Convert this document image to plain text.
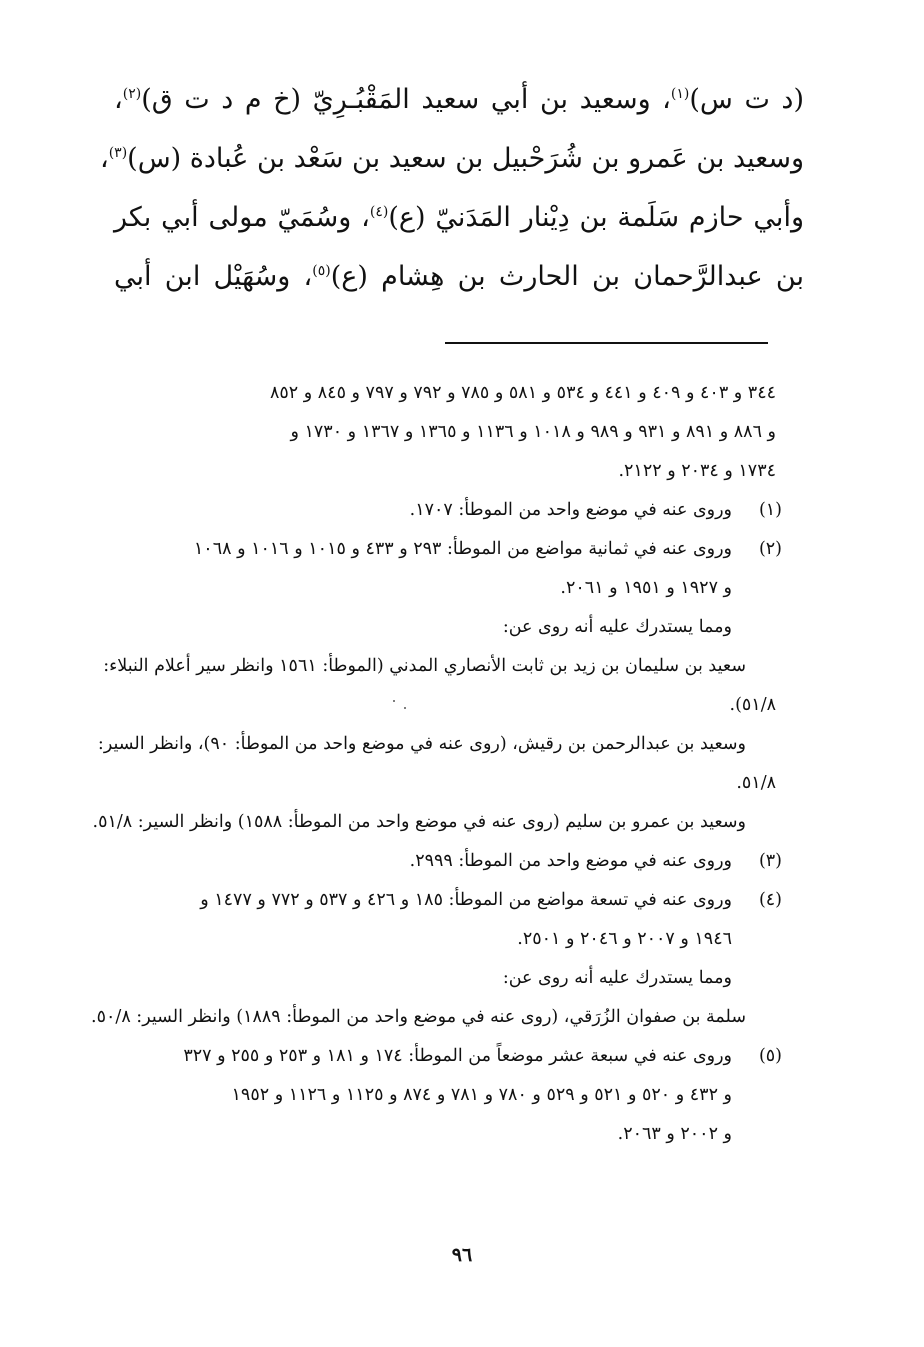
(د ت س)$^{(١)}$، وسعيد بن أبي سعيد المَقْبُـرِيّ (خ م د ت ق)$^{(٢)}$،
وسعيد بن عَمرو بن شُرَحْبيل بن سعيد بن سَعْد بن عُبادة (س)$^{(٣)}$،
وأبي حازم سَلَمة بن دِيْنار المَدَنيّ (ع)$^{(٤)}$، وسُمَيّ مولى أبي بكر
بن عبدالرَّحمان بن الحارث بن هِشام (ع)$^{(٥)}$، وسُهَيْل ابن أبي

٣٤٤ و ٤٠٣ و ٤٠٩ و ٤٤١ و ٥٣٤ و ٥٨١ و ٧٨٥ و ٧٩٢ و ٧٩٧ و ٨٤٥ و ٨٥٢

و ٨٨٦ و ٨٩١ و ٩٣١ و ٩٨٩ و ١٠١٨ و ١١٣٦ و ١٣٦٥ و ١٣٦٧ و ١٧٣٠ و

١٧٣٤ و ٢٠٣٤ و ٢١٢٢.

(١)
وروى عنه في موضع واحد من الموطأ: ١٧٠٧.
(٢)
وروى عنه في ثمانية مواضع من الموطأ: ٢٩٣ و ٤٣٣ و ١٠١٥ و ١٠١٦ و ١٠٦٨
و ١٩٢٧ و ١٩٥١ و ٢٠٦١.
ومما يستدرك عليه أنه روى عن:

سعيد بن سليمان بن زيد بن ثابت الأنصاري المدني (الموطأ: ١٥٦١ وانظر سير أعلام النبلاء: ٥١/٨).

وسعيد بن عبدالرحمن بن رقيش، (روى عنه في موضع واحد من الموطأ: ٩٠)، وانظر السير: ٥١/٨.

وسعيد بن عمرو بن سليم (روى عنه في موضع واحد من الموطأ: ١٥٨٨) وانظر السير: ٥١/٨.

(٣)
وروى عنه في موضع واحد من الموطأ: ٢٩٩٩.
(٤)
وروى عنه في تسعة مواضع من الموطأ: ١٨٥ و ٤٢٦ و ٥٣٧ و ٧٧٢ و ١٤٧٧ و
١٩٤٦ و ٢٠٠٧ و ٢٠٤٦ و ٢٥٠١.
ومما يستدرك عليه أنه روى عن:

سلمة بن صفوان الزُرَقي، (روى عنه في موضع واحد من الموطأ: ١٨٨٩) وانظر السير: ٥٠/٨.

(٥)
وروى عنه في سبعة عشر موضعاً من الموطأ: ١٧٤ و ١٨١ و ٢٥٣ و ٢٥٥ و ٣٢٧
و ٤٣٢ و ٥٢٠ و ٥٢١ و ٥٢٩ و ٧٨٠ و ٧٨١ و ٨٧٤ و ١١٢٥ و ١١٢٦ و ١٩٥٢
و ٢٠٠٢ و ٢٠٦٣.
٩٦
